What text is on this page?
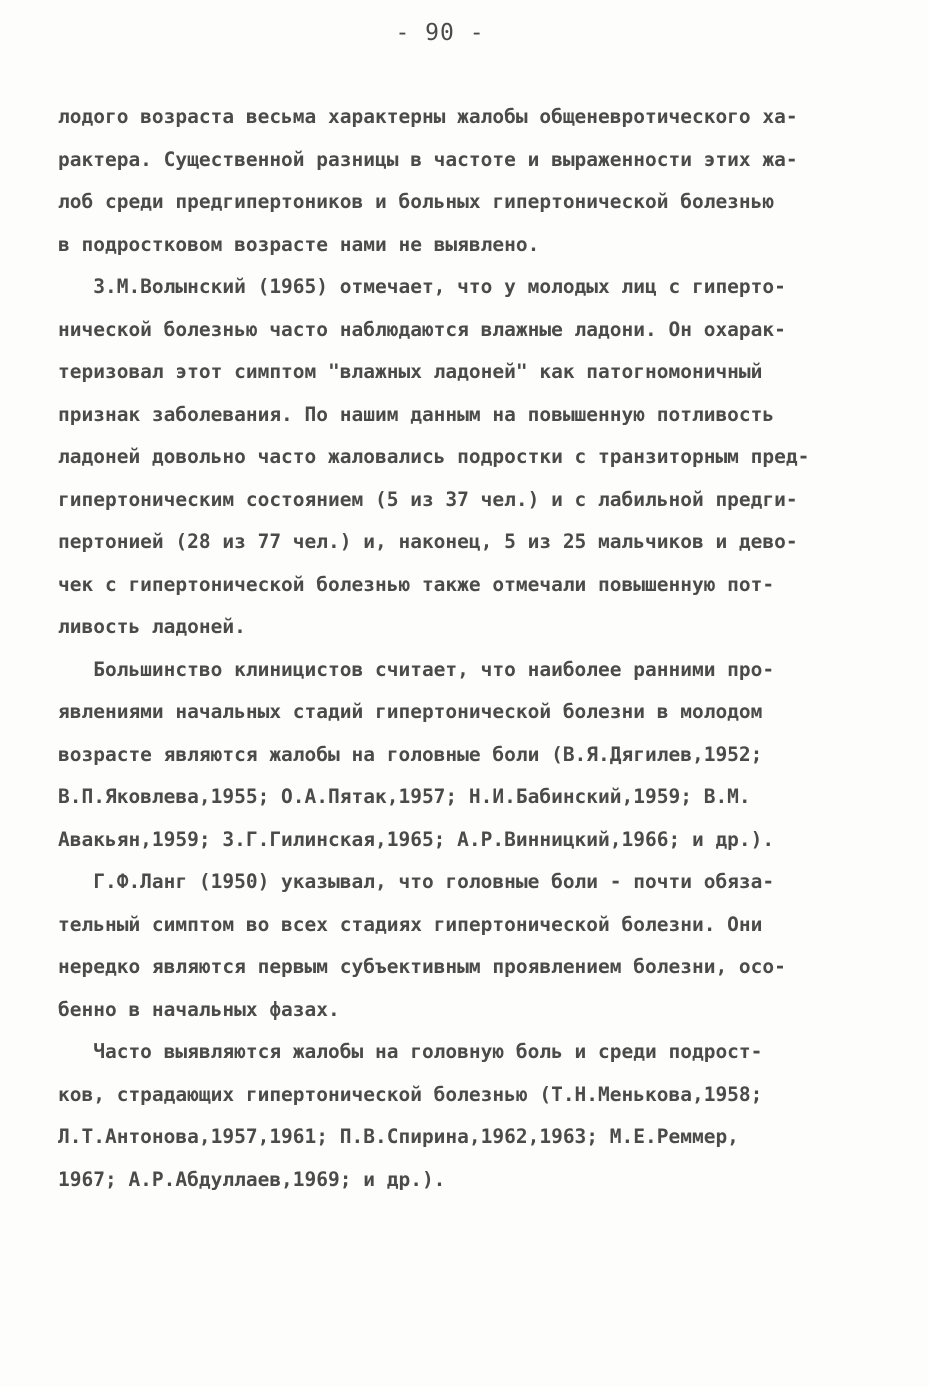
- 90 -
лодого возраста весьма характерны жалобы общеневротического ха-
рактера. Существенной разницы в частоте и выраженности этих жа-
лоб среди предгипертоников и больных гипертонической болезнью
в подростковом возрасте нами не выявлено.
З.М.Волынский (1965) отмечает, что у молодых лиц с гиперто-
нической болезнью часто наблюдаются влажные ладони. Он охарак-
теризовал этот симптом "влажных ладоней" как патогномоничный
признак заболевания. По нашим данным на повышенную потливость
ладоней довольно часто жаловались подростки с транзиторным пред-
гипертоническим состоянием (5 из 37 чел.) и с лабильной предги-
пертонией (28 из 77 чел.) и, наконец, 5 из 25 мальчиков и дево-
чек с гипертонической болезнью также отмечали повышенную пот-
ливость ладоней.
Большинство клиницистов считает, что наиболее ранними про-
явлениями начальных стадий гипертонической болезни в молодом
возрасте являются жалобы на головные боли (В.Я.Дягилев,1952;
В.П.Яковлева,1955; О.А.Пятак,1957; Н.И.Бабинский,1959; В.М.
Авакьян,1959; З.Г.Гилинская,1965; А.Р.Винницкий,1966; и др.).
Г.Ф.Ланг (1950) указывал, что головные боли - почти обяза-
тельный симптом во всех стадиях гипертонической болезни. Они
нередко являются первым субъективным проявлением болезни, осо-
бенно в начальных фазах.
Часто выявляются жалобы на головную боль и среди подрост-
ков, страдающих гипертонической болезнью (Т.Н.Менькова,1958;
Л.Т.Антонова,1957,1961; П.В.Спирина,1962,1963; М.Е.Реммер,
1967; А.Р.Абдуллаев,1969; и др.).
